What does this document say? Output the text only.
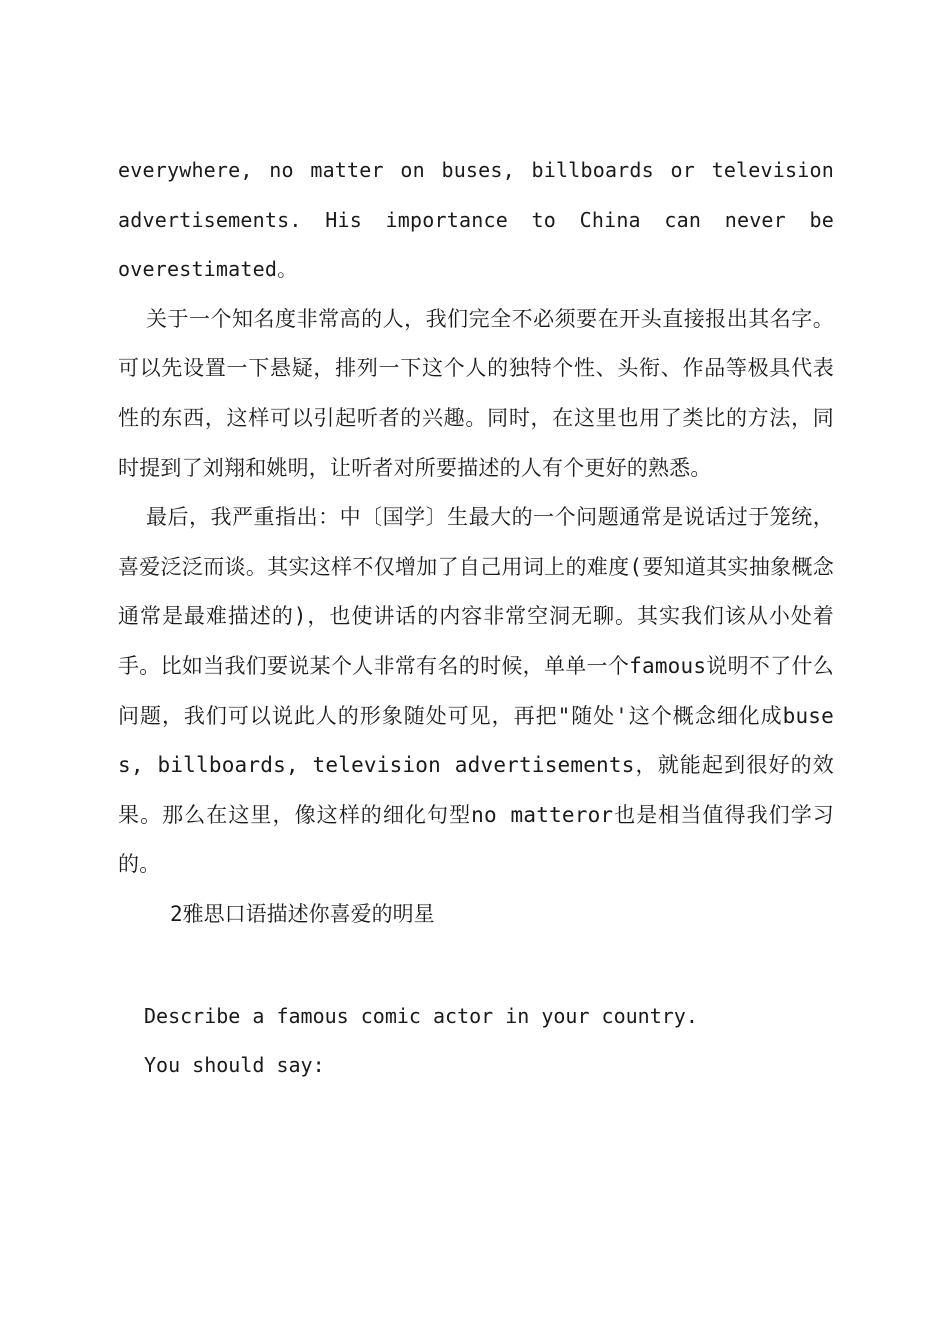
everywhere, no matter on buses, billboards or television advertisements. His importance to China can never be overestimated。

关于一个知名度非常高的人，我们完全不必须要在开头直接报出其名字。可以先设置一下悬疑，排列一下这个人的独特个性、头衔、作品等极具代表性的东西，这样可以引起听者的兴趣。同时，在这里也用了类比的方法，同时提到了刘翔和姚明，让听者对所要描述的人有个更好的熟悉。

最后，我严重指出：中〔国学〕生最大的一个问题通常是说话过于笼统，喜爱泛泛而谈。其实这样不仅增加了自己用词上的难度(要知道其实抽象概念通常是最难描述的)，也使讲话的内容非常空洞无聊。其实我们该从小处着手。比如当我们要说某个人非常有名的时候，单单一个famous说明不了什么问题，我们可以说此人的形象随处可见，再把"随处'这个概念细化成buses, billboards, television advertisements，就能起到很好的效果。那么在这里，像这样的细化句型no matteror也是相当值得我们学习的。

2雅思口语描述你喜爱的明星

Describe a famous comic actor in your country.

You should say:
